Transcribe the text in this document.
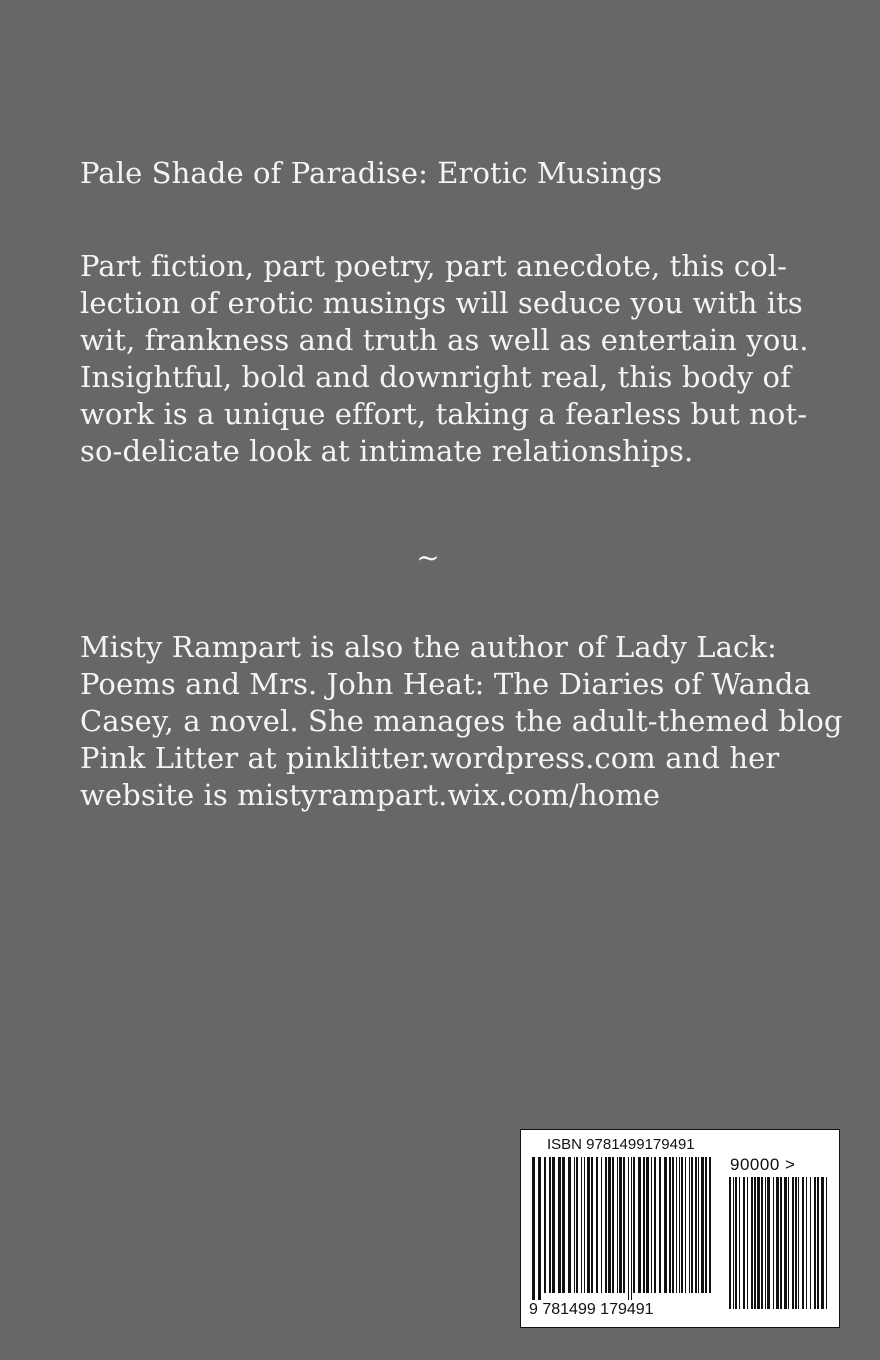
Pale Shade of Paradise: Erotic Musings

Part fiction, part poetry, part anecdote, this col-

lection of erotic musings will seduce you with its

wit, frankness and truth as well as entertain you.

Insightful, bold and downright real, this body of

work is a unique effort, taking a fearless but not-

so-delicate look at intimate relationships.

~

Misty Rampart is also the author of Lady Lack:

Poems and Mrs. John Heat: The Diaries of Wanda

Casey, a novel. She manages the adult-themed blog

Pink Litter at pinklitter.wordpress.com and her

website is mistyrampart.wix.com/home

ISBN 9781499179491
90000 >
9 781499 179491
